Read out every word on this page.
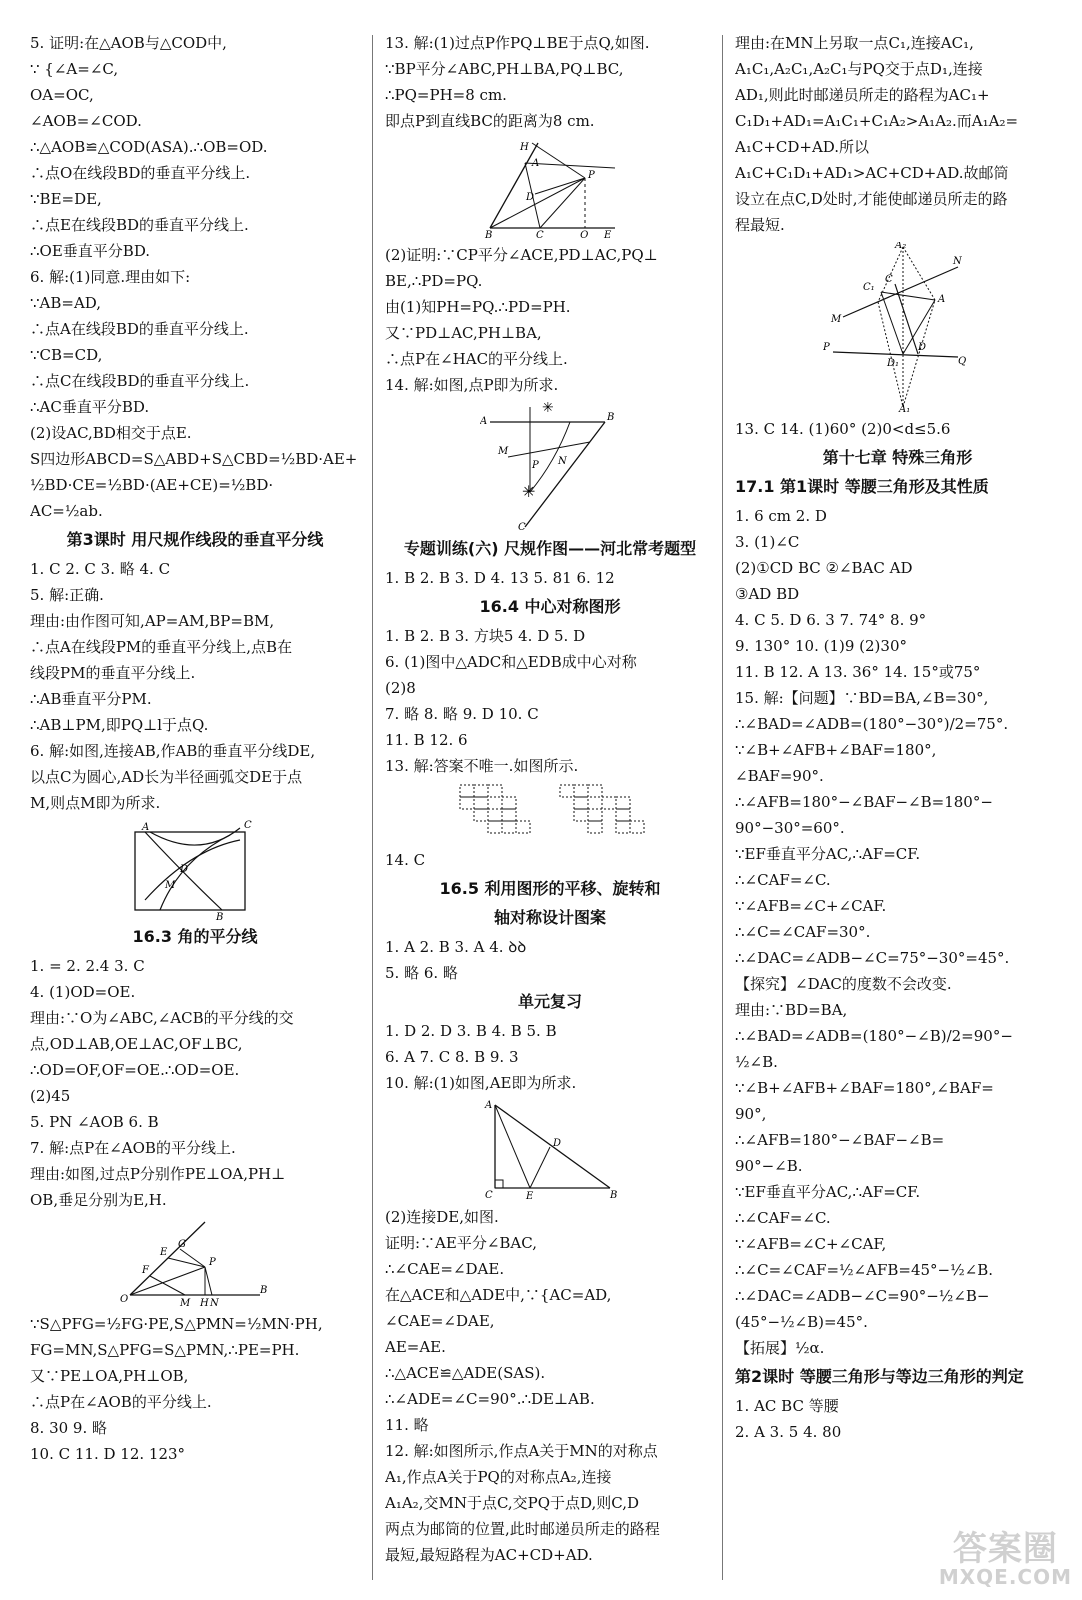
5. 证明:在△AOB与△COD中,
∵ {∠A=∠C,
OA=OC,
∠AOB=∠COD.
∴△AOB≌△COD(ASA).∴OB=OD.
∴点O在线段BD的垂直平分线上.
∵BE=DE,
∴点E在线段BD的垂直平分线上.
∴OE垂直平分BD.
6. 解:(1)同意.理由如下:
∵AB=AD,
∴点A在线段BD的垂直平分线上.
∵CB=CD,
∴点C在线段BD的垂直平分线上.
∴AC垂直平分BD.
(2)设AC,BD相交于点E.
S四边形ABCD=S△ABD+S△CBD=½BD·AE+
½BD·CE=½BD·(AE+CE)=½BD·
AC=½ab.
第3课时 用尺规作线段的垂直平分线
1. C 2. C 3. 略 4. C
5. 解:正确.
理由:由作图可知,AP=AM,BP=BM,
∴点A在线段PM的垂直平分线上,点B在
线段PM的垂直平分线上.
∴AB垂直平分PM.
∴AB⊥PM,即PQ⊥l于点Q.
6. 解:如图,连接AB,作AB的垂直平分线DE,
以点C为圆心,AD长为半径画弧交DE于点
M,则点M即为所求.
A	C
D
M
B
16.3 角的平分线
1. = 2. 2.4 3. C
4. (1)OD=OE.
理由:∵O为∠ABC,∠ACB的平分线的交
点,OD⊥AB,OE⊥AC,OF⊥BC,
∴OD=OF,OF=OE.∴OD=OE.
(2)45
5. PN ∠AOB 6. B
7. 解:点P在∠AOB的平分线上.
理由:如图,过点P分别作PE⊥OA,PH⊥
OB,垂足分别为E,H.
E
G
F
P
O	M H N
B
∵S△PFG=½FG·PE,S△PMN=½MN·PH,
FG=MN,S△PFG=S△PMN,∴PE=PH.
又∵PE⊥OA,PH⊥OB,
∴点P在∠AOB的平分线上.
8. 30 9. 略
10. C 11. D 12. 123°
13. 解:(1)过点P作PQ⊥BE于点Q,如图.
∵BP平分∠ABC,PH⊥BA,PQ⊥BC,
∴PQ=PH=8 cm.
即点P到直线BC的距离为8 cm.
H
A
D
P
B	C	Q E
(2)证明:∵CP平分∠ACE,PD⊥AC,PQ⊥
BE,∴PD=PQ.
由(1)知PH=PQ.∴PD=PH.
又∵PD⊥AC,PH⊥BA,
∴点P在∠HAC的平分线上.
14. 解:如图,点P即为所求.
✳
✳
A	B
M
P N
C
专题训练(六) 尺规作图——河北常考题型
1. B 2. B 3. D 4. 13 5. 81 6. 12
16.4 中心对称图形
1. B 2. B 3. 方块5 4. D 5. D
6. (1)图中△ADC和△EDB成中心对称
(2)8
7. 略 8. 略 9. D 10. C
11. B 12. 6
13. 解:答案不唯一.如图所示.
14. C
16.5 利用图形的平移、旋转和
轴对称设计图案
1. A 2. B 3. A 4. ꝺꝺ
5. 略 6. 略
单元复习
1. D 2. D 3. B 4. B 5. B
6. A 7. C 8. B 9. 3
10. 解:(1)如图,AE即为所求.
A
D
C	E	B
(2)连接DE,如图.
证明:∵AE平分∠BAC,
∴∠CAE=∠DAE.
在△ACE和△ADE中,∵{AC=AD,
∠CAE=∠DAE,
AE=AE.
∴△ACE≌△ADE(SAS).
∴∠ADE=∠C=90°.∴DE⊥AB.
11. 略
12. 解:如图所示,作点A关于MN的对称点
A₁,作点A关于PQ的对称点A₂,连接
A₁A₂,交MN于点C,交PQ于点D,则C,D
两点为邮筒的位置,此时邮递员所走的路程
最短,最短路程为AC+CD+AD.
理由:在MN上另取一点C₁,连接AC₁,
A₁C₁,A₂C₁,A₂C₁与PQ交于点D₁,连接
AD₁,则此时邮递员所走的路程为AC₁+
C₁D₁+AD₁=A₁C₁+C₁A₂>A₁A₂.而A₁A₂=
A₁C+CD+AD.所以
A₁C+C₁D₁+AD₁>AC+CD+AD.故邮筒
设立在点C,D处时,才能使邮递员所走的路
程最短.
A₂
C₁
N
M
A
C
P
D₁
D
Q
A₁
13. C 14. (1)60° (2)0<d≤5.6
第十七章 特殊三角形
17.1 第1课时 等腰三角形及其性质
1. 6 cm 2. D
3. (1)∠C
(2)①CD BC ②∠BAC AD
③AD BD
4. C 5. D 6. 3 7. 74° 8. 9°
9. 130° 10. (1)9 (2)30°
11. B 12. A 13. 36° 14. 15°或75°
15. 解:【问题】∵BD=BA,∠B=30°,
∴∠BAD=∠ADB=(180°−30°)/2=75°.
∵∠B+∠AFB+∠BAF=180°,
∠BAF=90°.
∴∠AFB=180°−∠BAF−∠B=180°−
90°−30°=60°.
∵EF垂直平分AC,∴AF=CF.
∴∠CAF=∠C.
∵∠AFB=∠C+∠CAF.
∴∠C=∠CAF=30°.
∴∠DAC=∠ADB−∠C=75°−30°=45°.
【探究】∠DAC的度数不会改变.
理由:∵BD=BA,
∴∠BAD=∠ADB=(180°−∠B)/2=90°−
½∠B.
∵∠B+∠AFB+∠BAF=180°,∠BAF=
90°,
∴∠AFB=180°−∠BAF−∠B=
90°−∠B.
∵EF垂直平分AC,∴AF=CF.
∴∠CAF=∠C.
∵∠AFB=∠C+∠CAF,
∴∠C=∠CAF=½∠AFB=45°−½∠B.
∴∠DAC=∠ADB−∠C=90°−½∠B−
(45°−½∠B)=45°.
【拓展】½α.
第2课时 等腰三角形与等边三角形的判定
1. AC BC 等腰
2. A 3. 5 4. 80
答案圈
MXQE.COM
